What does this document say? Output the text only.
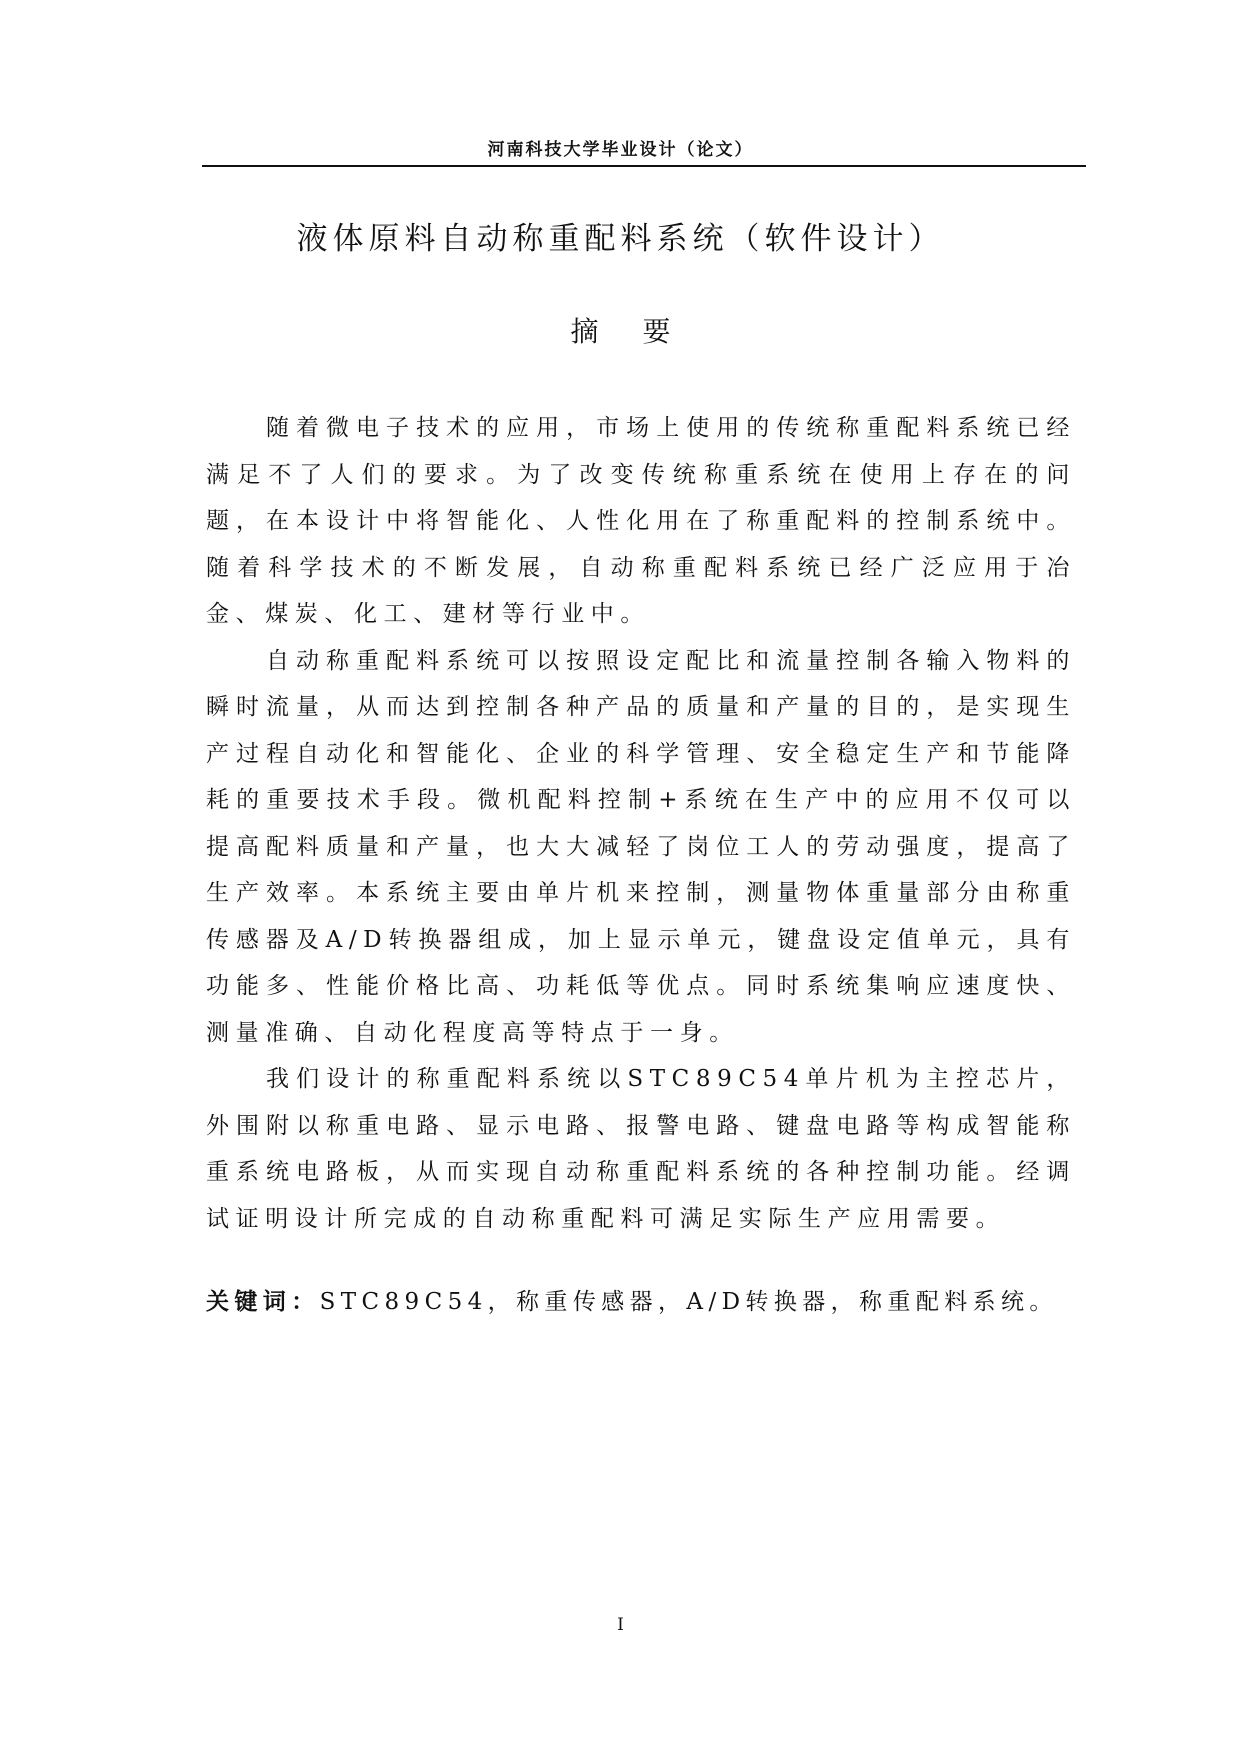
河南科技大学毕业设计（论文）
液体原料自动称重配料系统（软件设计）
摘要

随着微电子技术的应用，市场上使用的传统称重配料系统已经满足不了人们的要求。为了改变传统称重系统在使用上存在的问题，在本设计中将智能化、人性化用在了称重配料的控制系统中。随着科学技术的不断发展，自动称重配料系统已经广泛应用于冶金、煤炭、化工、建材等行业中。

自动称重配料系统可以按照设定配比和流量控制各输入物料的瞬时流量，从而达到控制各种产品的质量和产量的目的，是实现生产过程自动化和智能化、企业的科学管理、安全稳定生产和节能降耗的重要技术手段。微机配料控制+系统在生产中的应用不仅可以提高配料质量和产量，也大大减轻了岗位工人的劳动强度，提高了生产效率。本系统主要由单片机来控制，测量物体重量部分由称重传感器及A/D转换器组成，加上显示单元，键盘设定值单元，具有功能多、性能价格比高、功耗低等优点。同时系统集响应速度快、测量准确、自动化程度高等特点于一身。

我们设计的称重配料系统以STC89C54单片机为主控芯片，外围附以称重电路、显示电路、报警电路、键盘电路等构成智能称重系统电路板，从而实现自动称重配料系统的各种控制功能。经调试证明设计所完成的自动称重配料可满足实际生产应用需要。

关键词：STC89C54，称重传感器，A/D转换器，称重配料系统。
I
